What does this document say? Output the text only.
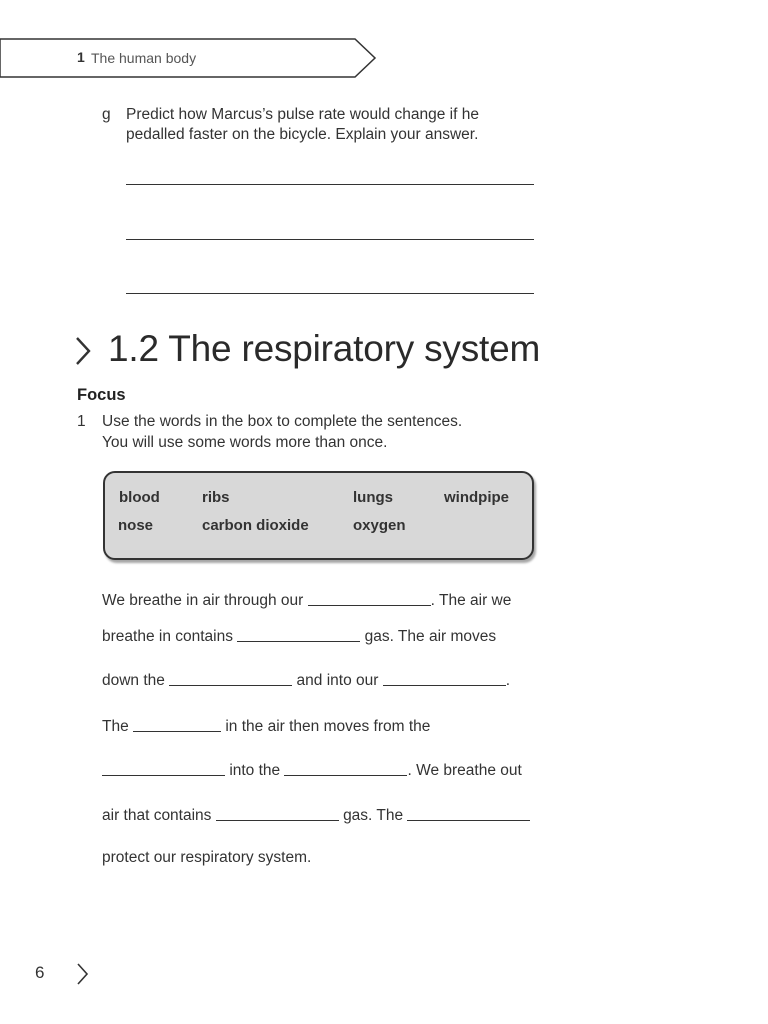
1 The human body
g Predict how Marcus’s pulse rate would change if he
pedalled faster on the bicycle. Explain your answer.
1.2 The respiratory system
Focus
1 Use the words in the box to complete the sentences.
You will use some words more than once.
blood	ribs	lungs	windpipe
nose	carbon dioxide	oxygen
We breathe in air through our	. The air we
breathe in contains	gas. The air moves
down the	and into our	.
The	in the air then moves from the
into the	. We breathe out
air that contains	gas. The
protect our respiratory system.
6
